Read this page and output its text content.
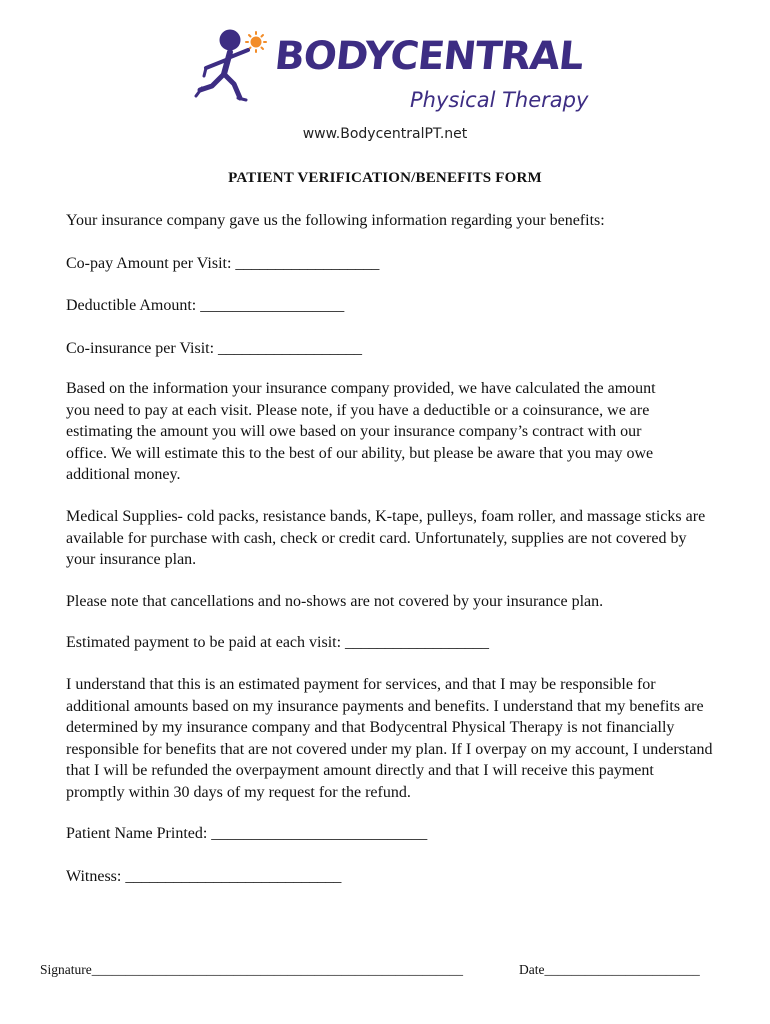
BODYCENTRAL
Physical Therapy
www.BodycentralPT.net
PATIENT VERIFICATION/BENEFITS FORM

Your insurance company gave us the following information regarding your benefits:

Co-pay Amount per Visit: __________________

Deductible Amount: __________________

Co-insurance per Visit: __________________

Based on the information your insurance company provided, we have calculated the amount you need to pay at each visit. Please note, if you have a deductible or a coinsurance, we are estimating the amount you will owe based on your insurance company’s contract with our office. We will estimate this to the best of our ability, but please be aware that you may owe additional money.

Medical Supplies- cold packs, resistance bands, K-tape, pulleys, foam roller, and massage sticks are available for purchase with cash, check or credit card. Unfortunately, supplies are not covered by your insurance plan.

Please note that cancellations and no-shows are not covered by your insurance plan.

Estimated payment to be paid at each visit: __________________

I understand that this is an estimated payment for services, and that I may be responsible for additional amounts based on my insurance payments and benefits. I understand that my benefits are determined by my insurance company and that Bodycentral Physical Therapy is not financially responsible for benefits that are not covered under my plan. If I overpay on my account, I understand that I will be refunded the overpayment amount directly and that I will receive this payment promptly within 30 days of my request for the refund.

Patient Name Printed: ___________________________

Witness: ___________________________

Signature_______________________________________________________	Date_______________________
